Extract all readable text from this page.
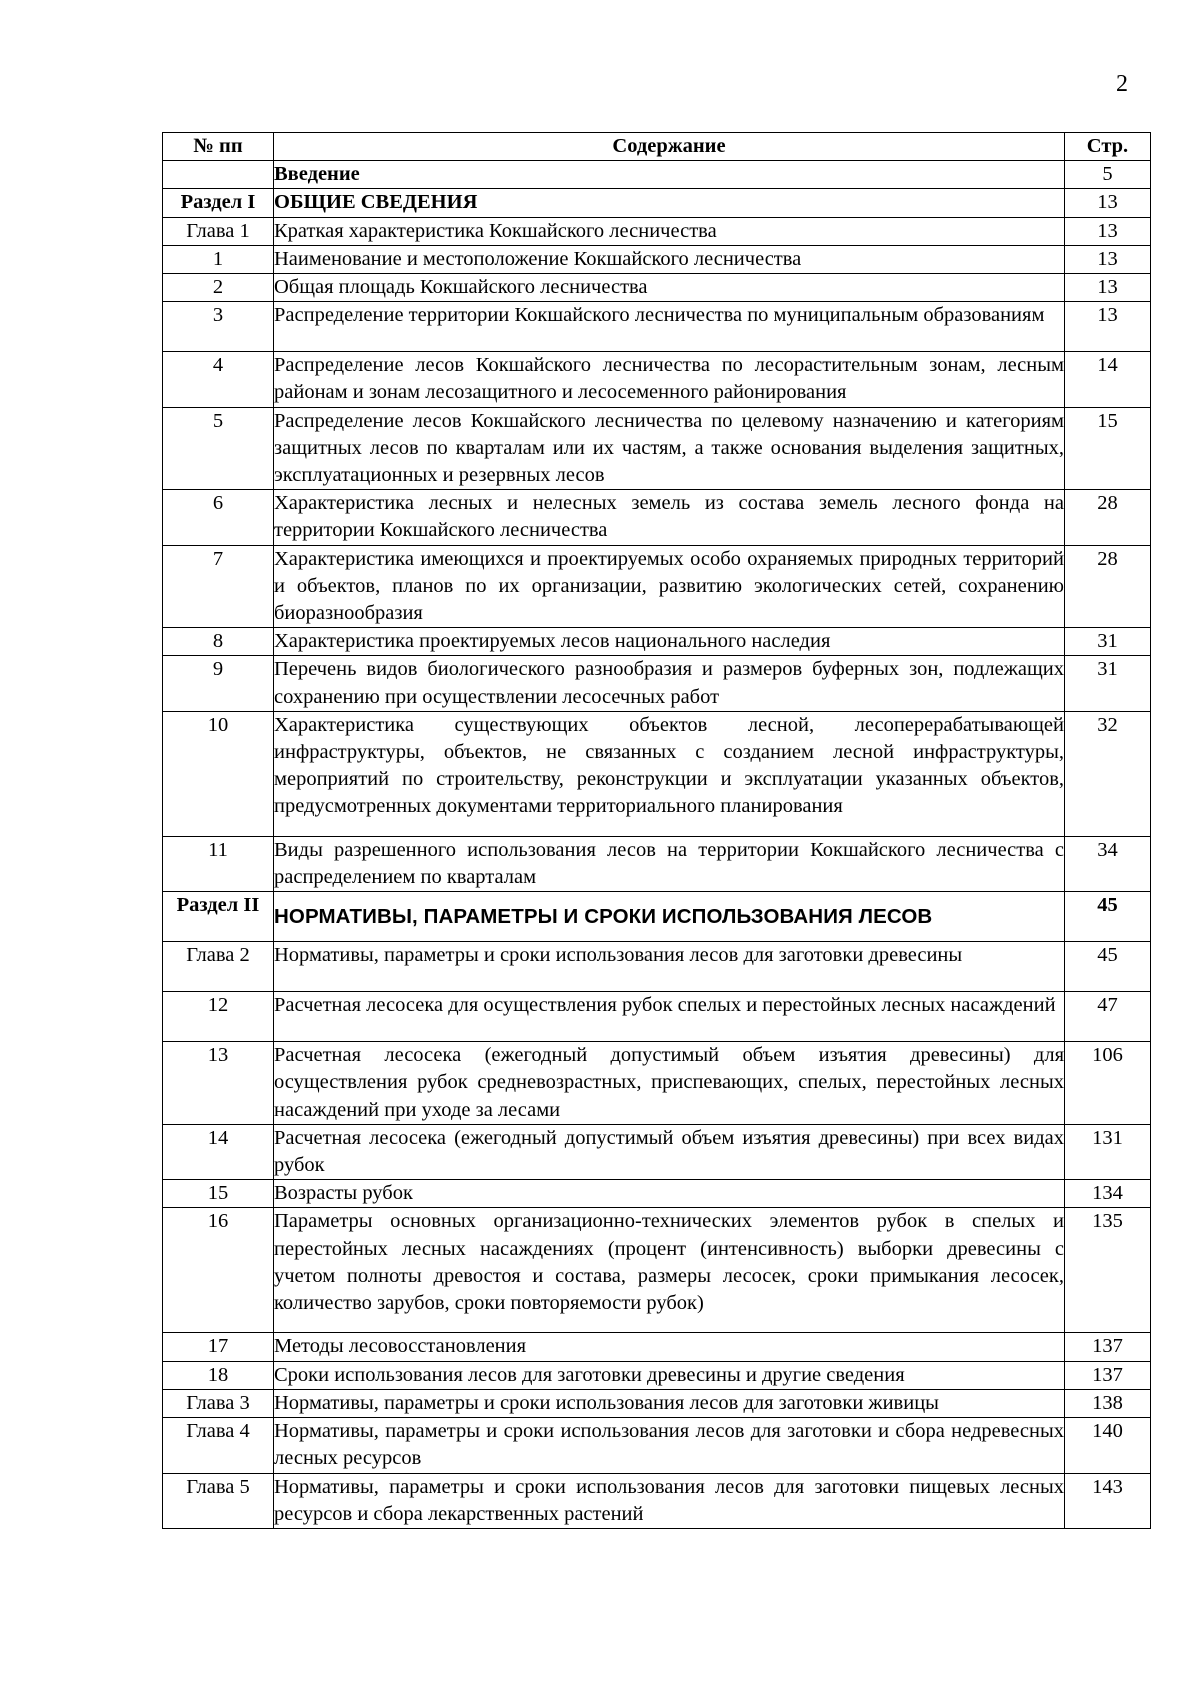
2
№ пп	Содержание	Стр.
	Введение	5
Раздел I	ОБЩИЕ СВЕДЕНИЯ	13
Глава 1	Краткая характеристика Кокшайского лесничества	13
1	Наименование и местоположение Кокшайского лесничества	13
2	Общая площадь Кокшайского лесничества	13
3	Распределение территории Кокшайского лесничества по муниципальным образованиям	13
4	Распределение лесов Кокшайского лесничества по лесорастительным зонам, лесным районам и зонам лесозащитного и лесосеменного районирования	14
5	Распределение лесов Кокшайского лесничества по целевому назначению и категориям защитных лесов по кварталам или их частям, а также основания выделения защитных, эксплуатационных и резервных лесов	15
6	Характеристика лесных и нелесных земель из состава земель лесного фонда на территории Кокшайского лесничества	28
7	Характеристика имеющихся и проектируемых особо охраняемых природных территорий и объектов, планов по их организации, развитию экологических сетей, сохранению биоразнообразия	28
8	Характеристика проектируемых лесов национального наследия	31
9	Перечень видов биологического разнообразия и размеров буферных зон, подлежащих сохранению при осуществлении лесосечных работ	31
10	Характеристика существующих объектов лесной, лесоперерабатывающей инфраструктуры, объектов, не связанных с созданием лесной инфраструктуры, мероприятий по строительству, реконструкции и эксплуатации указанных объектов, предусмотренных документами территориального планирования	32
11	Виды разрешенного использования лесов на территории Кокшайского лесничества с распределением по кварталам	34
Раздел II	НОРМАТИВЫ, ПАРАМЕТРЫ И СРОКИ ИСПОЛЬЗОВАНИЯ ЛЕСОВ	45
Глава 2	Нормативы, параметры и сроки использования лесов для заготовки древесины	45
12	Расчетная лесосека для осуществления рубок спелых и перестойных лесных насаждений	47
13	Расчетная лесосека (ежегодный допустимый объем изъятия древесины) для осуществления рубок средневозрастных, приспевающих, спелых, перестойных лесных насаждений при уходе за лесами	106
14	Расчетная лесосека (ежегодный допустимый объем изъятия древесины) при всех видах рубок	131
15	Возрасты рубок	134
16	Параметры основных организационно-технических элементов рубок в спелых и перестойных лесных насаждениях (процент (интенсивность) выборки древесины с учетом полноты древостоя и состава, размеры лесосек, сроки примыкания лесосек, количество зарубов, сроки повторяемости рубок)	135
17	Методы лесовосстановления	137
18	Сроки использования лесов для заготовки древесины и другие сведения	137
Глава 3	Нормативы, параметры и сроки использования лесов для заготовки живицы	138
Глава 4	Нормативы, параметры и сроки использования лесов для заготовки и сбора недревесных лесных ресурсов	140
Глава 5	Нормативы, параметры и сроки использования лесов для заготовки пищевых лесных ресурсов и сбора лекарственных растений	143
